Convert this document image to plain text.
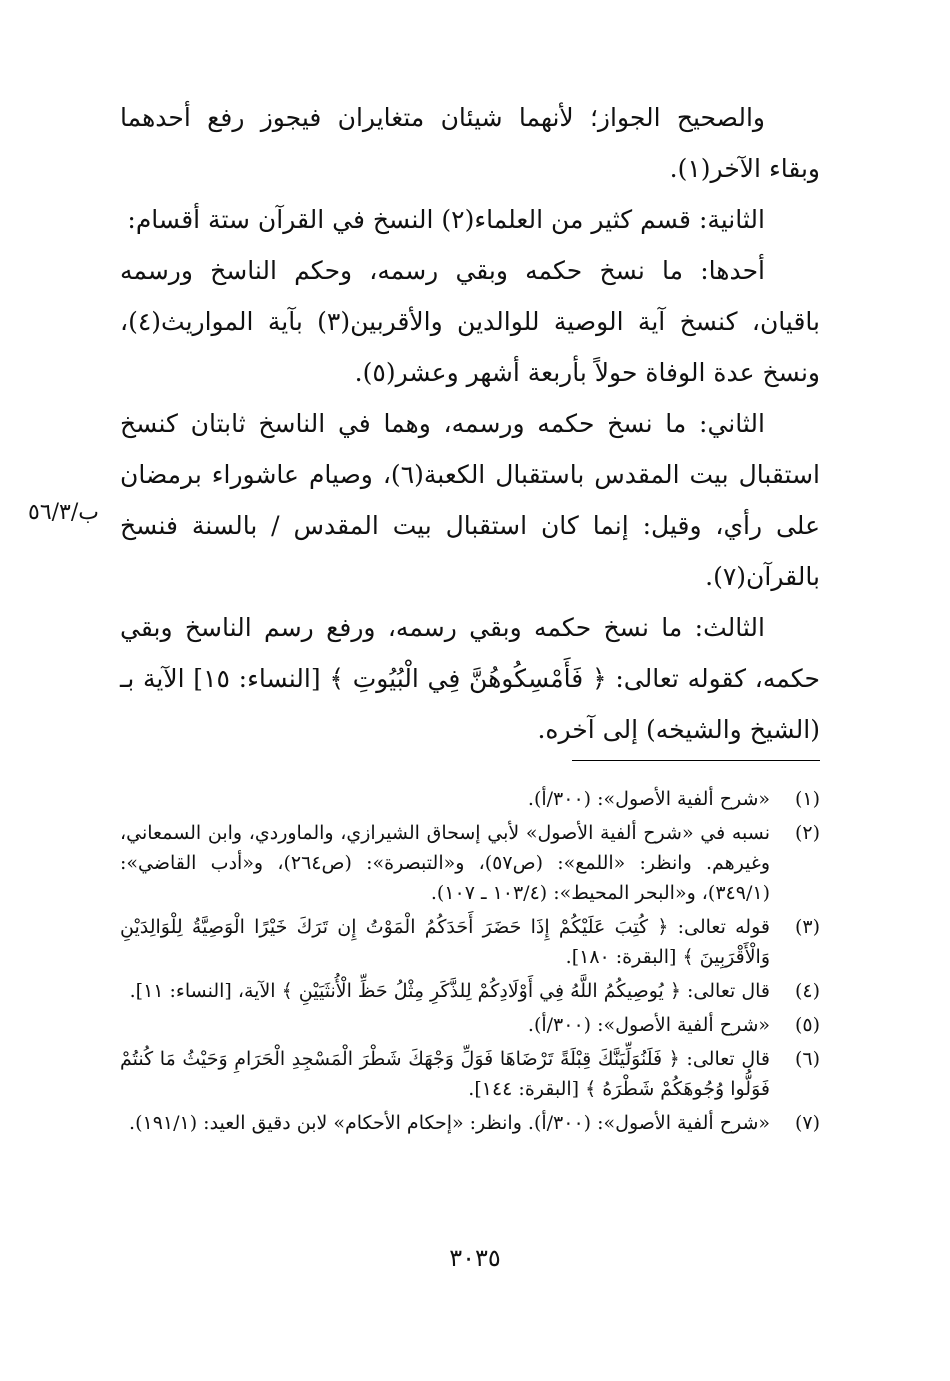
والصحيح الجواز؛ لأنهما شيئان متغايران فيجوز رفع أحدهما وبقاء الآخر(١).

الثانية: قسم كثير من العلماء(٢) النسخ في القرآن ستة أقسام:

أحدها: ما نسخ حكمه وبقي رسمه، وحكم الناسخ ورسمه باقيان، كنسخ آية الوصية للوالدين والأقربين(٣) بآية المواريث(٤)، ونسخ عدة الوفاة حولاً بأربعة أشهر وعشر(٥).

الثاني: ما نسخ حكمه ورسمه، وهما في الناسخ ثابتان كنسخ استقبال بيت المقدس باستقبال الكعبة(٦)، وصيام عاشوراء برمضان على رأي، وقيل: إنما كان استقبال بيت المقدس / بالسنة فنسخ بالقرآن(٧).

الثالث: ما نسخ حكمه وبقي رسمه، ورفع رسم الناسخ وبقي حكمه، كقوله تعالى: ﴿ فَأَمْسِكُوهُنَّ فِي الْبُيُوتِ ﴾ [النساء: ١٥] الآية بـ (الشيخ والشيخه) إلى آخره.

ب/٥٦/٣
(١)
«شرح ألفية الأصول»: (٣٠٠/أ).
(٢)
نسبه في «شرح ألفية الأصول» لأبي إسحاق الشيرازي، والماوردي، وابن السمعاني، وغيرهم. وانظر: «اللمع»: (ص٥٧)، و«التبصرة»: (ص٢٦٤)، و«أدب القاضي»: (٣٤٩/١)، و«البحر المحيط»: (١٠٣/٤ ـ ١٠٧).
(٣)
قوله تعالى: ﴿ كُتِبَ عَلَيْكُمْ إِذَا حَضَرَ أَحَدَكُمُ الْمَوْتُ إِن تَرَكَ خَيْرًا الْوَصِيَّةُ لِلْوَالِدَيْنِ وَالْأَقْرَبِينَ ﴾ [البقرة: ١٨٠].
(٤)
قال تعالى: ﴿ يُوصِيكُمُ اللَّهُ فِي أَوْلَادِكُمْ لِلذَّكَرِ مِثْلُ حَظِّ الْأُنثَيَيْنِ ﴾ الآية، [النساء: ١١].
(٥)
«شرح ألفية الأصول»: (٣٠٠/أ).
(٦)
قال تعالى: ﴿ فَلَنُوَلِّيَنَّكَ قِبْلَةً تَرْضَاهَا فَوَلِّ وَجْهَكَ شَطْرَ الْمَسْجِدِ الْحَرَامِ وَحَيْثُ مَا كُنتُمْ فَوَلُّوا وُجُوهَكُمْ شَطْرَهُ ﴾ [البقرة: ١٤٤].
(٧)
«شرح ألفية الأصول»: (٣٠٠/أ). وانظر: «إحكام الأحكام» لابن دقيق العيد: (١٩١/١).
٣٠٣٥
